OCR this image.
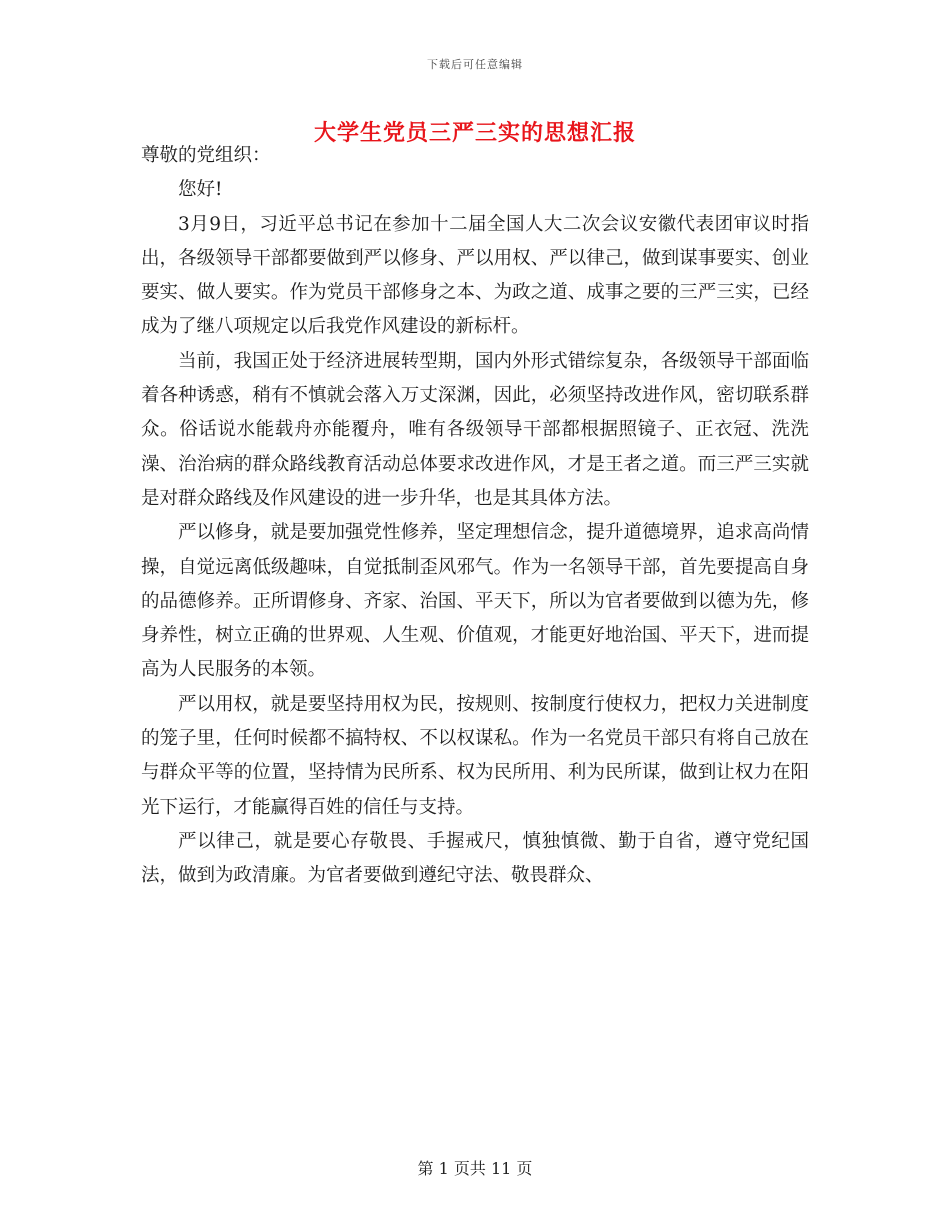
下载后可任意编辑
大学生党员三严三实的思想汇报

尊敬的党组织：

您好!

3月9日，习近平总书记在参加十二届全国人大二次会议安徽代表团审议时指出，各级领导干部都要做到严以修身、严以用权、严以律己，做到谋事要实、创业要实、做人要实。作为党员干部修身之本、为政之道、成事之要的三严三实，已经成为了继八项规定以后我党作风建设的新标杆。

当前，我国正处于经济进展转型期，国内外形式错综复杂，各级领导干部面临着各种诱惑，稍有不慎就会落入万丈深渊，因此，必须坚持改进作风，密切联系群众。俗话说水能载舟亦能覆舟，唯有各级领导干部都根据照镜子、正衣冠、洗洗澡、治治病的群众路线教育活动总体要求改进作风，才是王者之道。而三严三实就是对群众路线及作风建设的进一步升华，也是其具体方法。

严以修身，就是要加强党性修养，坚定理想信念，提升道德境界，追求高尚情操，自觉远离低级趣味，自觉抵制歪风邪气。作为一名领导干部，首先要提高自身的品德修养。正所谓修身、齐家、治国、平天下，所以为官者要做到以德为先，修身养性，树立正确的世界观、人生观、价值观，才能更好地治国、平天下，进而提高为人民服务的本领。

严以用权，就是要坚持用权为民，按规则、按制度行使权力，把权力关进制度的笼子里，任何时候都不搞特权、不以权谋私。作为一名党员干部只有将自己放在与群众平等的位置，坚持情为民所系、权为民所用、利为民所谋，做到让权力在阳光下运行，才能赢得百姓的信任与支持。

严以律己，就是要心存敬畏、手握戒尺，慎独慎微、勤于自省，遵守党纪国法，做到为政清廉。为官者要做到遵纪守法、敬畏群众、

第 1 页共 11 页
